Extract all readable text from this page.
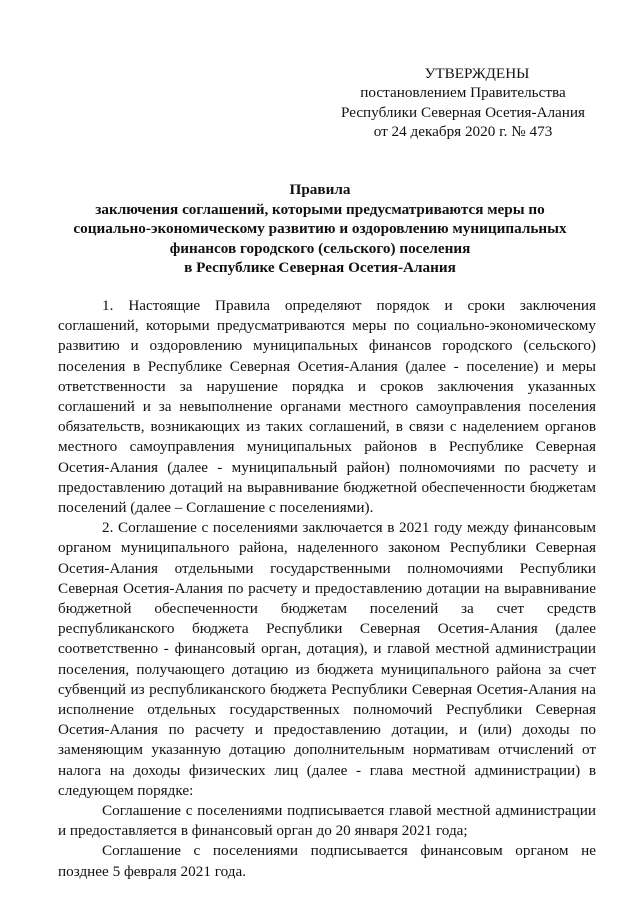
УТВЕРЖДЕНЫ
постановлением Правительства
Республики Северная Осетия-Алания
от 24 декабря 2020 г. № 473
Правила
заключения соглашений, которыми предусматриваются меры по
социально-экономическому развитию и оздоровлению муниципальных
финансов городского (сельского) поселения
в Республике Северная Осетия-Алания

1. Настоящие Правила определяют порядок и сроки заключения соглашений, которыми предусматриваются меры по социально-экономическому развитию и оздоровлению муниципальных финансов городского (сельского) поселения в Республике Северная Осетия-Алания (далее - поселение) и меры ответственности за нарушение порядка и сроков заключения указанных соглашений и за невыполнение органами местного самоуправления поселения обязательств, возникающих из таких соглашений, в связи с наделением органов местного самоуправления муниципальных районов в Республике Северная Осетия-Алания (далее - муниципальный район) полномочиями по расчету и предоставлению дотаций на выравнивание бюджетной обеспеченности бюджетам поселений (далее – Соглашение с поселениями).

2. Соглашение с поселениями заключается в 2021 году между финансовым органом муниципального района, наделенного законом Республики Северная Осетия-Алания отдельными государственными полномочиями Республики Северная Осетия-Алания по расчету и предоставлению дотации на выравнивание бюджетной обеспеченности бюджетам поселений за счет средств республиканского бюджета Республики Северная Осетия-Алания (далее соответственно - финансовый орган, дотация), и главой местной администрации поселения, получающего дотацию из бюджета муниципального района за счет субвенций из республиканского бюджета Республики Северная Осетия-Алания на исполнение отдельных государственных полномочий Республики Северная Осетия-Алания по расчету и предоставлению дотации, и (или) доходы по заменяющим указанную дотацию дополнительным нормативам отчислений от налога на доходы физических лиц (далее - глава местной администрации) в следующем порядке:

Соглашение с поселениями подписывается главой местной администрации и предоставляется в финансовый орган до 20 января 2021 года;

Соглашение с поселениями подписывается финансовым органом не позднее 5 февраля 2021 года.
